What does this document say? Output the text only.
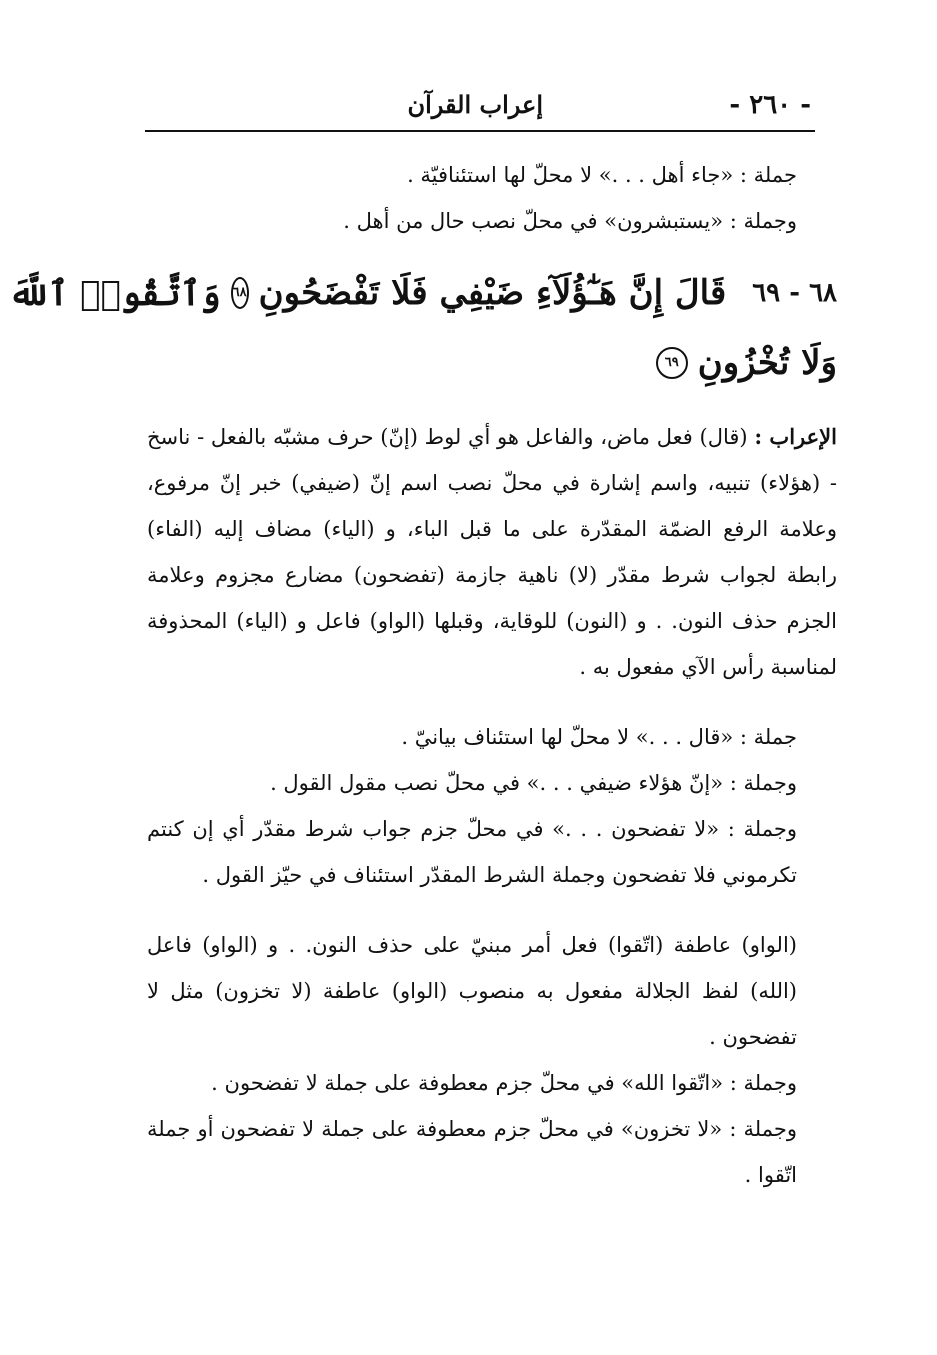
- ٢٦٠ -
إعراب القرآن

جملة : «جاء أهل . . .» لا محلّ لها استئنافيّة .

وجملة : «يستبشرون» في محلّ نصب حال من أهل .

٦٨ - ٦٩
قَالَ إِنَّ هَـٰٓؤُلَآءِ ضَيْفِي فَلَا تَفْضَحُونِ
٦٨
وَٱتَّقُوا۟ ٱللَّهَ
وَلَا تُخْزُونِ
٦٩

الإعراب : (قال) فعل ماض، والفاعل هو أي لوط (إنّ) حرف مشبّه بالفعل - ناسخ - (هؤلاء) تنبيه، واسم إشارة في محلّ نصب اسم إنّ (ضيفي) خبر إنّ مرفوع، وعلامة الرفع الضمّة المقدّرة على ما قبل الباء، و (الياء) مضاف إليه (الفاء) رابطة لجواب شرط مقدّر (لا) ناهية جازمة (تفضحون) مضارع مجزوم وعلامة الجزم حذف النون. . و (النون) للوقاية، وقبلها (الواو) فاعل و (الياء) المحذوفة لمناسبة رأس الآي مفعول به .

جملة : «قال . . .» لا محلّ لها استئناف بيانيّ .

وجملة : «إنّ هؤلاء ضيفي . . .» في محلّ نصب مقول القول .

وجملة : «لا تفضحون . . .» في محلّ جزم جواب شرط مقدّر أي إن كنتم تكرموني فلا تفضحون وجملة الشرط المقدّر استئناف في حيّز القول .

(الواو) عاطفة (اتّقوا) فعل أمر مبنيّ على حذف النون. . و (الواو) فاعل (الله) لفظ الجلالة مفعول به منصوب (الواو) عاطفة (لا تخزون) مثل لا تفضحون .

وجملة : «اتّقوا الله» في محلّ جزم معطوفة على جملة لا تفضحون .

وجملة : «لا تخزون» في محلّ جزم معطوفة على جملة لا تفضحون أو جملة اتّقوا .
